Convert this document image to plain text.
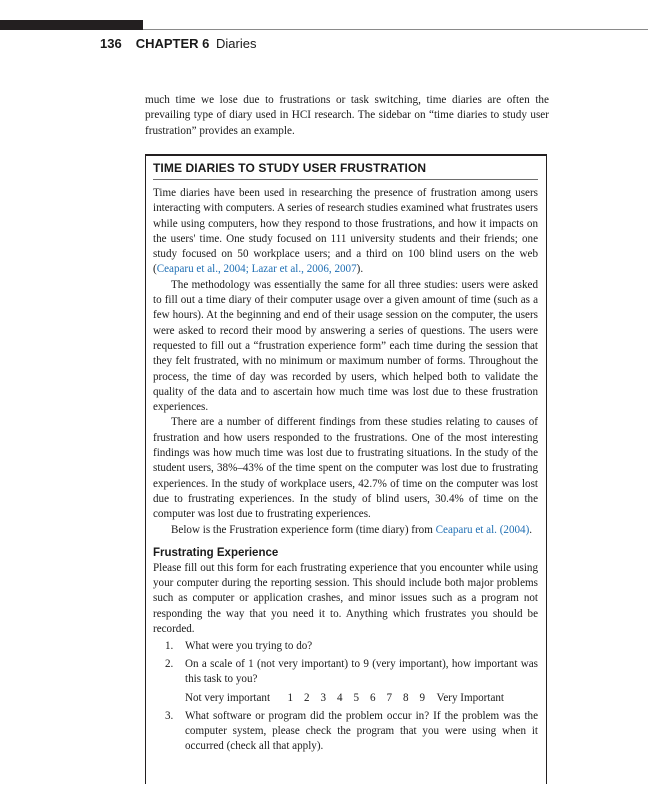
136 CHAPTER 6 Diaries

much time we lose due to frustrations or task switching, time diaries are often the prevailing type of diary used in HCI research. The sidebar on “time diaries to study user frustration” provides an example.

TIME DIARIES TO STUDY USER FRUSTRATION

Time diaries have been used in researching the presence of frustration among users interacting with computers. A series of research studies examined what frustrates users while using computers, how they respond to those frustrations, and how it impacts on the users' time. One study focused on 111 university students and their friends; one study focused on 50 workplace users; and a third on 100 blind users on the web (Ceaparu et al., 2004; Lazar et al., 2006, 2007).

The methodology was essentially the same for all three studies: users were asked to fill out a time diary of their computer usage over a given amount of time (such as a few hours). At the beginning and end of their usage session on the computer, the users were asked to record their mood by answering a series of questions. The users were requested to fill out a “frustration experience form” each time during the session that they felt frustrated, with no minimum or maximum number of forms. Throughout the process, the time of day was recorded by users, which helped both to validate the quality of the data and to ascertain how much time was lost due to these frustration experiences.

There are a number of different findings from these studies relating to causes of frustration and how users responded to the frustrations. One of the most interesting findings was how much time was lost due to frustrating situations. In the study of the student users, 38%–43% of the time spent on the computer was lost due to frustrating experiences. In the study of workplace users, 42.7% of time on the computer was lost due to frustrating experiences. In the study of blind users, 30.4% of time on the computer was lost due to frustrating experiences.

Below is the Frustration experience form (time diary) from Ceaparu et al. (2004).

Frustrating Experience

Please fill out this form for each frustrating experience that you encounter while using your computer during the reporting session. This should include both major problems such as computer or application crashes, and minor issues such as a program not responding the way that you need it to. Anything which frustrates you should be recorded.

1. What were you trying to do?
2. On a scale of 1 (not very important) to 9 (very important), how important was this task to you?
Not very important	1 2 3 4 5 6 7 8 9	Very Important
3. What software or program did the problem occur in? If the problem was the computer system, please check the program that you were using when it occurred (check all that apply).
